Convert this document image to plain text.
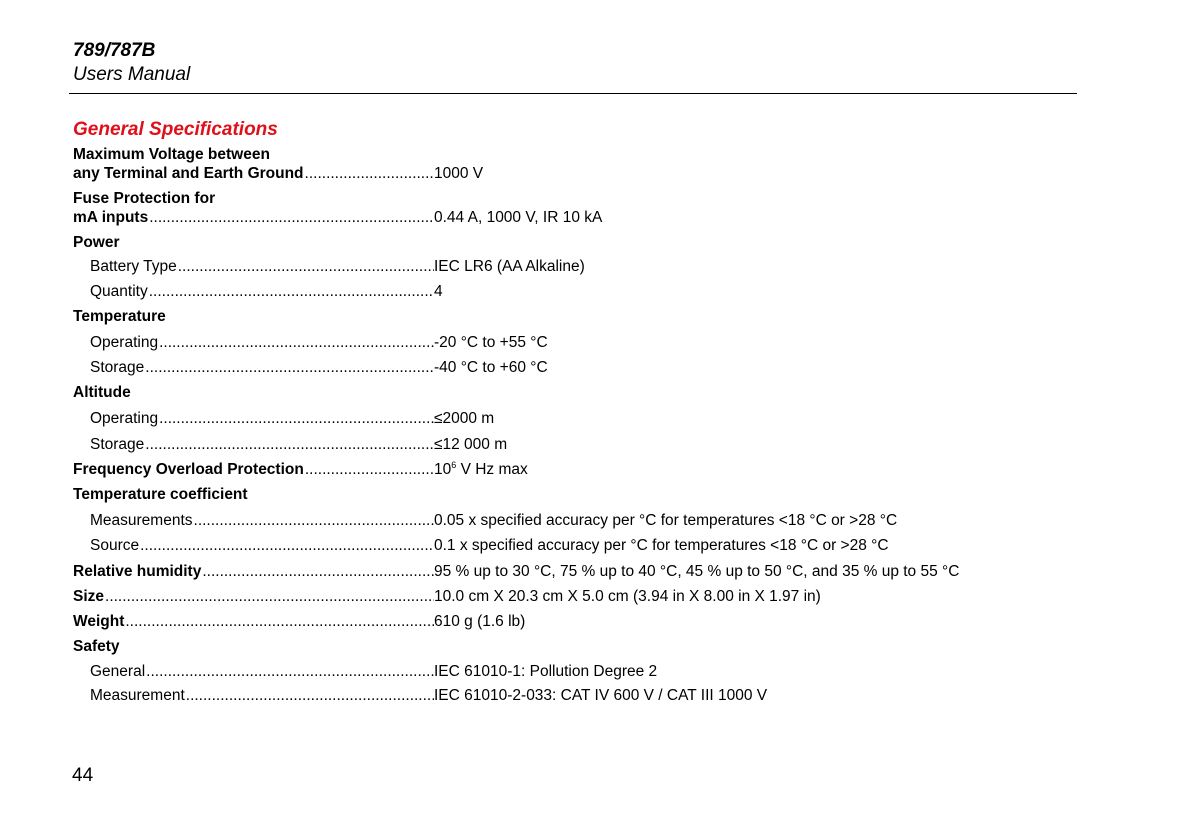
789/787B
Users Manual
General Specifications
Maximum Voltage between
any Terminal and Earth Ground .....	1000 V
Fuse Protection for
mA inputs .....	0.44 A, 1000 V, IR 10 kA
Power
Battery Type .....	IEC LR6 (AA Alkaline)
Quantity .....	4
Temperature
Operating .....	-20 °C to +55 °C
Storage .....	-40 °C to +60 °C
Altitude
Operating .....	≤2000 m
Storage .....	≤12 000 m
Frequency Overload Protection .....	$10^6$ V Hz max
Temperature coefficient
Measurements .....	0.05 x specified accuracy per °C for temperatures <18 °C or >28 °C
Source .....	0.1 x specified accuracy per °C for temperatures <18 °C or >28 °C
Relative humidity .....	95 % up to 30 °C, 75 % up to 40 °C, 45 % up to 50 °C, and 35 % up to 55 °C
Size .....	10.0 cm X 20.3 cm X 5.0 cm (3.94 in X 8.00 in X 1.97 in)
Weight .....	610 g (1.6 lb)
Safety
General .....	IEC 61010-1: Pollution Degree 2
Measurement .....	IEC 61010-2-033: CAT IV 600 V / CAT III 1000 V
44
